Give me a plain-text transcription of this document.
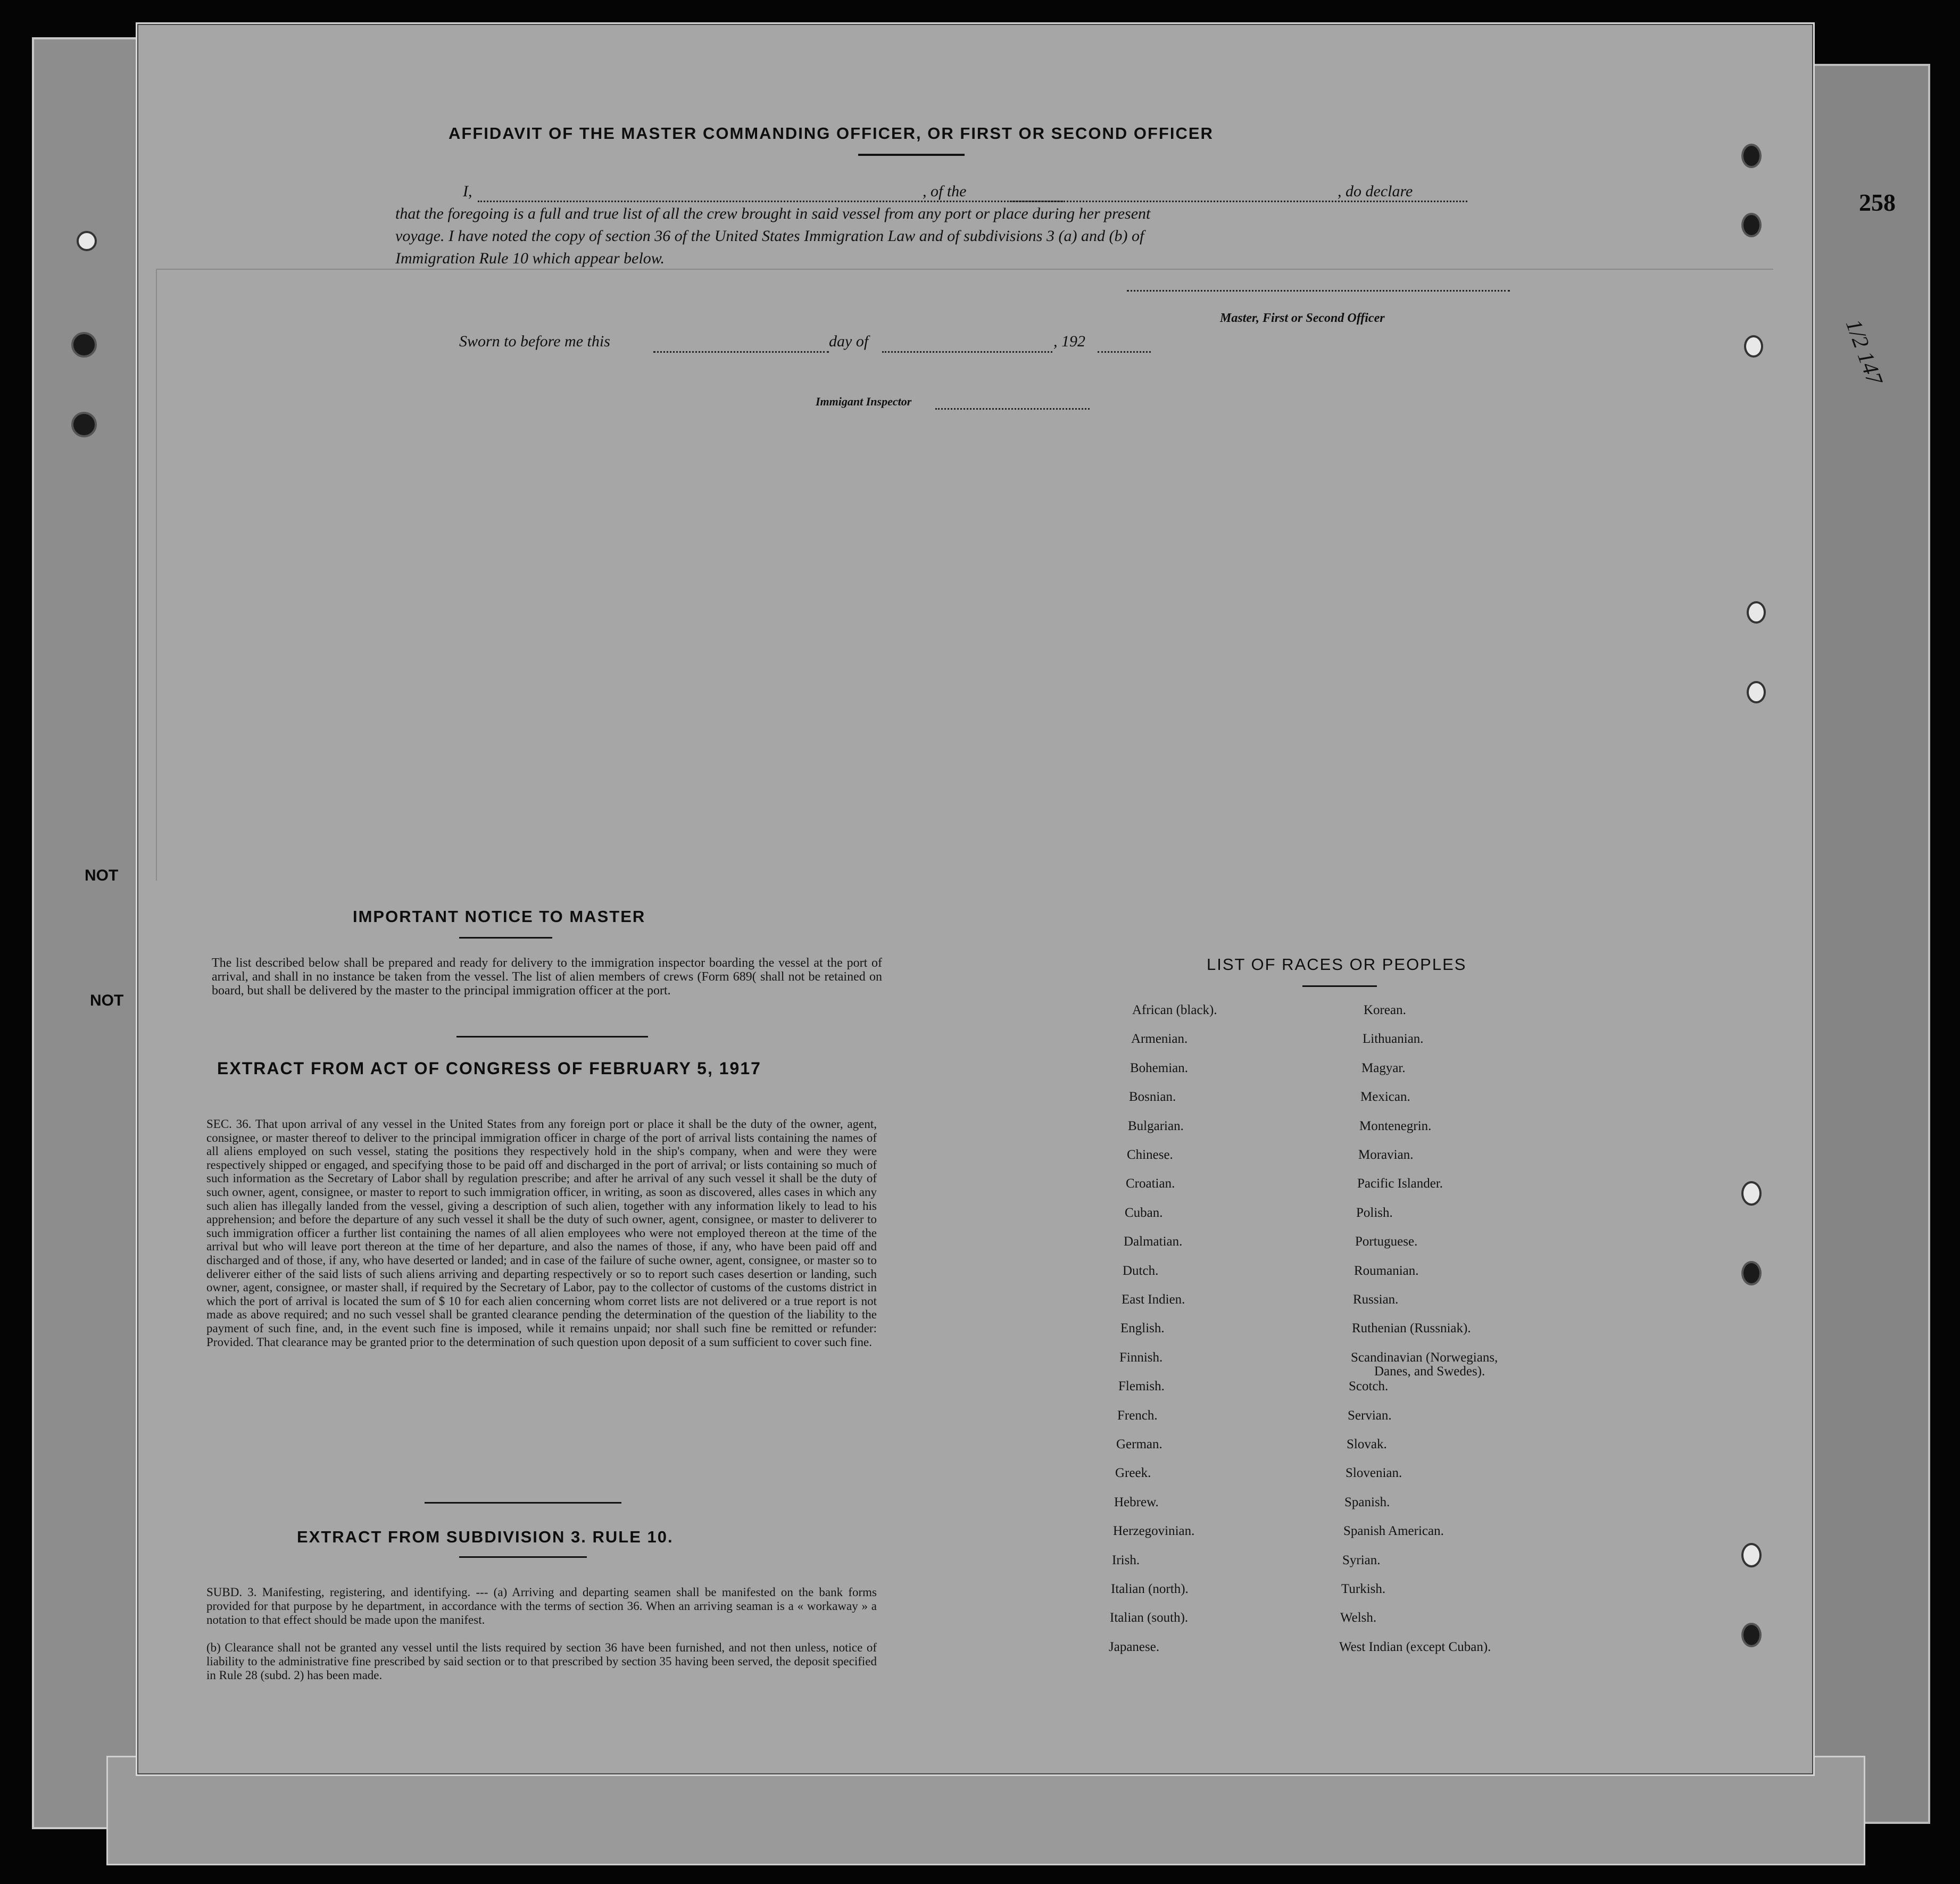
NOT
NOT
258
1/2 147
AFFIDAVIT OF THE MASTER COMMANDING OFFICER, OR FIRST OR SECOND OFFICER
I,	, of the	, do declare
that the foregoing is a full and true list of all the crew brought in said vessel from any port or place during her present
voyage. I have noted the copy of section 36 of the United States Immigration Law and of subdivisions 3 (a) and (b) of
Immigration Rule 10 which appear below.
Master, First or Second Officer
Sworn to before me this	day of	, 192
Immigant Inspector
IMPORTANT NOTICE TO MASTER
The list described below shall be prepared and ready for delivery to the immigration inspector boarding the vessel at the port of arrival, and shall in no instance be taken from the vessel. The list of alien members of crews (Form 689( shall not be retained on board, but shall be delivered by the master to the principal immigration officer at the port.
EXTRACT FROM ACT OF CONGRESS OF FEBRUARY 5, 1917
SEC. 36. That upon arrival of any vessel in the United States from any foreign port or place it shall be the duty of the owner, agent, consignee, or master thereof to deliver to the principal immigration officer in charge of the port of arrival lists containing the names of all aliens employed on such vessel, stating the positions they respectively hold in the ship's company, when and were they were respectively shipped or engaged, and specifying those to be paid off and discharged in the port of arrival; or lists containing so much of such information as the Secretary of Labor shall by regulation prescribe; and after he arrival of any such vessel it shall be the duty of such owner, agent, consignee, or master to report to such immigration officer, in writing, as soon as discovered, alles cases in which any such alien has illegally landed from the vessel, giving a description of such alien, together with any information likely to lead to his apprehension; and before the departure of any such vessel it shall be the duty of such owner, agent, consignee, or master to deliverer to such immigration officer a further list containing the names of all alien employees who were not employed thereon at the time of the arrival but who will leave port thereon at the time of her departure, and also the names of those, if any, who have been paid off and discharged and of those, if any, who have deserted or landed; and in case of the failure of suche owner, agent, consignee, or master so to deliverer either of the said lists of such aliens arriving and departing respectively or so to report such cases desertion or landing, such owner, agent, consignee, or master shall, if required by the Secretary of Labor, pay to the collector of customs of the customs district in which the port of arrival is located the sum of $ 10 for each alien concerning whom corret lists are not delivered or a true report is not made as above required; and no such vessel shall be granted clearance pending the determination of the question of the liability to the payment of such fine, and, in the event such fine is imposed, while it remains unpaid; nor shall such fine be remitted or refunder: Provided. That clearance may be granted prior to the determination of such question upon deposit of a sum sufficient to cover such fine.
EXTRACT FROM SUBDIVISION 3. RULE 10.
SUBD. 3. Manifesting, registering, and identifying. --- (a) Arriving and departing seamen shall be manifested on the bank forms provided for that purpose by he department, in accordance with the terms of section 36. When an arriving seaman is a « workaway » a notation to that effect should be made upon the manifest.
(b) Clearance shall not be granted any vessel until the lists required by section 36 have been furnished, and not then unless, notice of liability to the administrative fine prescribed by said section or to that prescribed by section 35 having been served, the deposit specified in Rule 28 (subd. 2) has been made.
LIST OF RACES OR PEOPLES
African (black).
Armenian.
Bohemian.
Bosnian.
Bulgarian.
Chinese.
Croatian.
Cuban.
Dalmatian.
Dutch.
East Indien.
English.
Finnish.
Flemish.
French.
German.
Greek.
Hebrew.
Herzegovinian.
Irish.
Italian (north).
Italian (south).
Japanese.
Korean.
Lithuanian.
Magyar.
Mexican.
Montenegrin.
Moravian.
Pacific Islander.
Polish.
Portuguese.
Roumanian.
Russian.
Ruthenian (Russniak).
Scandinavian (Norwegians,
Danes, and Swedes).
Scotch.
Servian.
Slovak.
Slovenian.
Spanish.
Spanish American.
Syrian.
Turkish.
Welsh.
West Indian (except Cuban).
